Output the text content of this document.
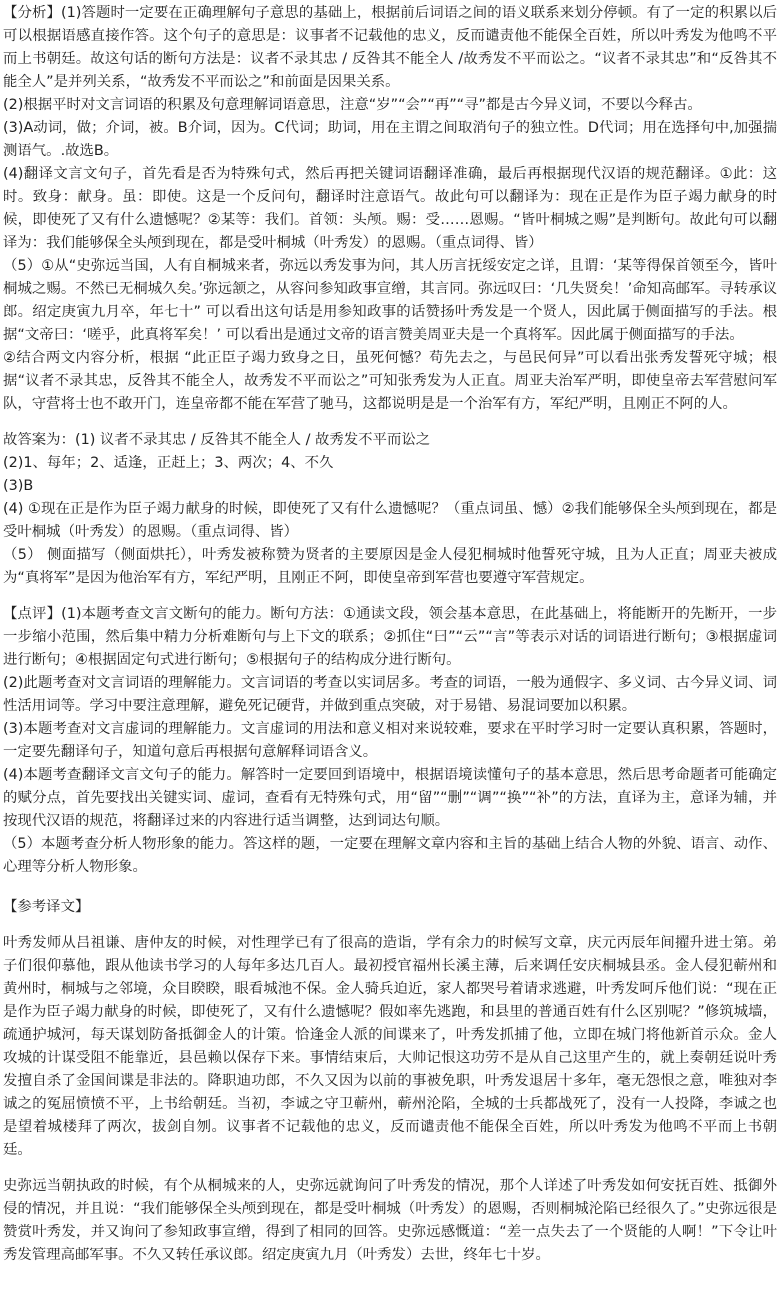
【分析】(1)答题时一定要在正确理解句子意思的基础上，根据前后词语之间的语义联系来划分停顿。有了一定的积累以后可以根据语感直接作答。这个句子的意思是：议事者不记载他的忠义，反而谴责他不能保全百姓，所以叶秀发为他鸣不平而上书朝廷。故这句话的断句方法是：议者不录其忠 / 反咎其不能全人 /故秀发不平而讼之。“议者不录其忠”和“反咎其不能全人”是并列关系，“故秀发不平而讼之”和前面是因果关系。

(2)根据平时对文言词语的积累及句意理解词语意思，注意“岁”“会”“再”“寻”都是古今异义词，不要以今释古。

(3)A动词，做；介词，被。B介词，因为。C代词；助词，用在主谓之间取消句子的独立性。D代词；用在选择句中,加强揣测语气。.故选B。

(4)翻译文言文句子，首先看是否为特殊句式，然后再把关键词语翻译准确，最后再根据现代汉语的规范翻译。①此：这时。致身：献身。虽：即使。这是一个反问句，翻译时注意语气。故此句可以翻译为：现在正是作为臣子竭力献身的时候，即使死了又有什么遗憾呢？②某等：我们。首领：头颅。赐：受……恩赐。“皆叶桐城之赐”是判断句。故此句可以翻译为：我们能够保全头颅到现在，都是受叶桐城（叶秀发）的恩赐。（重点词得、皆）

（5）①从“史弥远当国，人有自桐城来者，弥远以秀发事为问，其人历言抚绥安定之详，且谓：‘某等得保首领至今，皆叶桐城之赐。不然已无桐城久矣。’弥远颔之，从容问参知政事宣缯，其言同。弥远叹曰：‘几失贤矣！’命知高邮军。寻转承议郎。绍定庚寅九月卒，年七十” 可以看出这句话是用参知政事的话赞扬叶秀发是一个贤人，因此属于侧面描写的手法。根据“文帝曰：‘嗟乎，此真将军矣！’ 可以看出是通过文帝的语言赞美周亚夫是一个真将军。因此属于侧面描写的手法。

②结合两文内容分析，根据 “此正臣子竭力致身之日，虽死何憾？苟先去之，与邑民何异”可以看出张秀发誓死守城；根据“议者不录其忠，反咎其不能全人，故秀发不平而讼之”可知张秀发为人正直。周亚夫治军严明，即使皇帝去军营慰问军队，守营将士也不敢开门，连皇帝都不能在军营了驰马，这都说明是是一个治军有方，军纪严明，且刚正不阿的人。

故答案为：(1) 议者不录其忠 / 反咎其不能全人 / 故秀发不平而讼之

(2)1、每年；2、适逢，正赶上；3、两次；4、不久

(3)B

(4) ①现在正是作为臣子竭力献身的时候，即使死了又有什么遗憾呢？（重点词虽、憾）②我们能够保全头颅到现在，都是受叶桐城（叶秀发）的恩赐。（重点词得、皆）

（5） 侧面描写（侧面烘托），叶秀发被称赞为贤者的主要原因是金人侵犯桐城时他誓死守城，且为人正直；周亚夫被成为“真将军”是因为他治军有方，军纪严明，且刚正不阿，即使皇帝到军营也要遵守军营规定。

【点评】(1)本题考查文言文断句的能力。断句方法：①通读文段，领会基本意思，在此基础上，将能断开的先断开，一步一步缩小范围，然后集中精力分析难断句与上下文的联系；②抓住“曰”“云”“言”等表示对话的词语进行断句；③根据虚词进行断句；④根据固定句式进行断句；⑤根据句子的结构成分进行断句。

(2)此题考查对文言词语的理解能力。文言词语的考查以实词居多。考查的词语，一般为通假字、多义词、古今异义词、词性活用词等。学习中要注意理解，避免死记硬背，并做到重点突破，对于易错、易混词要加以积累。

(3)本题考查对文言虚词的理解能力。文言虚词的用法和意义相对来说较难，要求在平时学习时一定要认真积累，答题时，一定要先翻译句子，知道句意后再根据句意解释词语含义。

(4)本题考查翻译文言文句子的能力。解答时一定要回到语境中，根据语境读懂句子的基本意思，然后思考命题者可能确定的赋分点，首先要找出关键实词、虚词，查看有无特殊句式，用“留”“删”“调”“换”“补”的方法，直译为主，意译为辅，并按现代汉语的规范，将翻译过来的内容进行适当调整，达到词达句顺。

（5）本题考查分析人物形象的能力。答这样的题，一定要在理解文章内容和主旨的基础上结合人物的外貌、语言、动作、心理等分析人物形象。

【参考译文】

叶秀发师从吕祖谦、唐仲友的时候，对性理学已有了很高的造诣，学有余力的时候写文章，庆元丙辰年间擢升进士第。弟子们很仰慕他，跟从他读书学习的人每年多达几百人。最初授官福州长溪主薄，后来调任安庆桐城县丞。金人侵犯蕲州和黄州时，桐城与之邻境，众目睽睽，眼看城池不保。金人骑兵迫近，家人都哭号着请求逃避，叶秀发呵斥他们说：“现在正是作为臣子竭力献身的时候，即使死了，又有什么遗憾呢？假如率先逃跑，和县里的普通百姓有什么区别呢？”修筑城墙，疏通护城河，每天谋划防备抵御金人的计策。恰逢金人派的间谍来了，叶秀发抓捕了他，立即在城门将他新首示众。金人攻城的计谋受阻不能靠近，县邑赖以保存下来。事情结束后，大帅记恨这功劳不是从自己这里产生的，就上奏朝廷说叶秀发擅自杀了金国间谍是非法的。降职迪功郎，不久又因为以前的事被免职，叶秀发退居十多年，毫无怨恨之意，唯独对李诚之的冤屈愤愤不平，上书给朝廷。当初，李诚之守卫蕲州，蕲州沦陷，全城的士兵都战死了，没有一人投降，李诚之也是望着城楼拜了两次，拔剑自刎。议事者不记载他的忠义，反而谴责他不能保全百姓，所以叶秀发为他鸣不平而上书朝廷。

史弥远当朝执政的时候，有个从桐城来的人，史弥远就询问了叶秀发的情况，那个人详述了叶秀发如何安抚百姓、抵御外侵的情况，并且说：“我们能够保全头颅到现在，都是受叶桐城（叶秀发）的恩赐，否则桐城沦陷已经很久了。”史弥远很是赞赏叶秀发，并又询问了参知政事宣缯，得到了相同的回答。史弥远感慨道：“差一点失去了一个贤能的人啊！”下令让叶秀发管理高邮军事。不久又转任承议郎。绍定庚寅九月（叶秀发）去世，终年七十岁。
